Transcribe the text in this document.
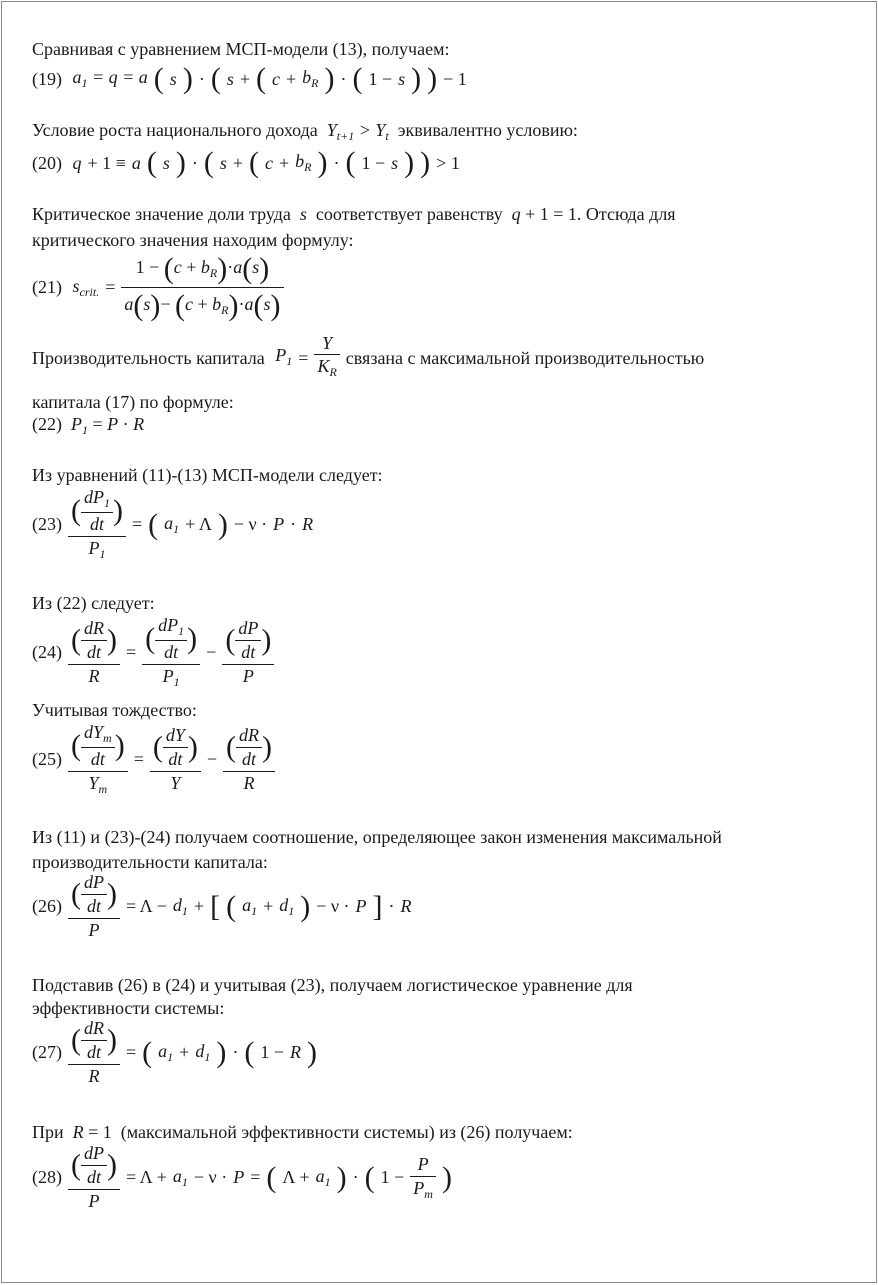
Сравнивая с уравнением МСП-модели (13), получаем:
(19) $a_1 = q = a$ ( s ) · ( s + ( $c + b_R$ ) · ( 1 − s ) ) − 1
Условие роста национального дохода  $Y_{t+1} > Y_t$ эквивалентно условию:
(20) q + 1 ≡ a ( s ) · ( s + ( $c + b_R$ ) · ( 1 − s ) ) > 1
Критическое значение доли труда  s  соответствует равенству  q + 1 = 1. Отсюда для
критического значения находим формулу:
(21) $s_{crit.} = \frac{1 - (c + b_R)\cdot a(s)}{a(s)- (c + b_R)\cdot a(s)}$
Производительность капитала $P_1 = \frac{Y}{K_R}$ связана с максимальной производительностью
капитала (17) по формуле:
(22)  $P_1 = P \cdot R$
Из уравнений (11)-(13) МСП-модели следует:
$(23) \frac{( \frac{dP_1}{dt} )}{P_1}$ = ( $a_1 + \Lambda$ ) − ν · P · R
Из (22) следует:
$(24) \frac{( \frac{dR}{dt} )}{R} = \frac{( \frac{dP_1}{dt} )}{P_1} - \frac{( \frac{dP}{dt} )}{P}$
Учитывая тождество:
$(25) \frac{( \frac{dY_m}{dt} )}{Y_m} = \frac{( \frac{dY}{dt} )}{Y} - \frac{( \frac{dR}{dt} )}{R}$
Из (11) и (23)-(24) получаем соотношение, определяющее закон изменения максимальной
производительности капитала:
$(26) \frac{( \frac{dP}{dt} )}{P} = \Lambda - d_1$ + [ ( $a_1 + d_1$ ) − ν · P ] · R
Подставив (26) в (24) и учитывая (23), получаем логистическое уравнение для
эффективности системы:
$(27) \frac{( \frac{dR}{dt} )}{R}$ = ( $a_1 + d_1$ ) · ( 1 − R )
При  R = 1  (максимальной эффективности системы) из (26) получаем:
$(28) \frac{( \frac{dP}{dt} )}{P} = \Lambda + a_1 - \nu \cdot P$ = ( $\Lambda + a_1$ ) · ( $1 - \frac{P}{P_m}$ )
